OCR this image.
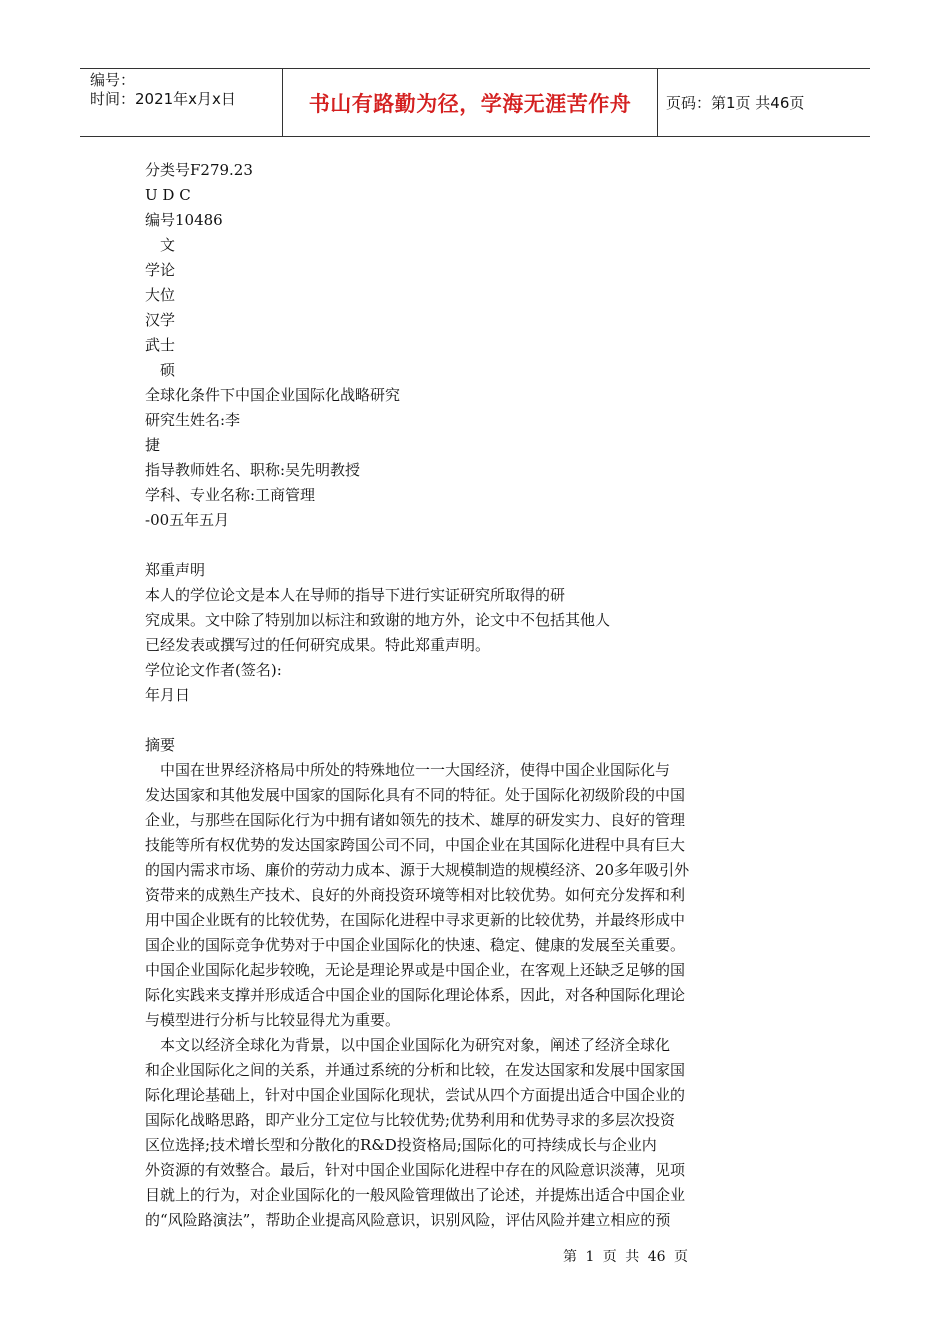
编号：
时间：2021年x月x日	书山有路勤为径，学海无涯苦作舟	页码：第1页 共46页

分类号F279.23

U D C

编号10486

　文

学论

大位

汉学

武士

　硕

全球化条件下中国企业国际化战略研究

研究生姓名:李

捷

指导教师姓名、职称:吴先明教授

学科、专业名称:工商管理

-00五年五月

郑重声明

本人的学位论文是本人在导师的指导下进行实证研究所取得的研

究成果。文中除了特别加以标注和致谢的地方外，论文中不包括其他人

已经发表或撰写过的任何研究成果。特此郑重声明。

学位论文作者(签名):

年月日

摘要

　中国在世界经济格局中所处的特殊地位一一大国经济，使得中国企业国际化与

发达国家和其他发展中国家的国际化具有不同的特征。处于国际化初级阶段的中国

企业，与那些在国际化行为中拥有诸如领先的技术、雄厚的研发实力、良好的管理

技能等所有权优势的发达国家跨国公司不同，中国企业在其国际化进程中具有巨大

的国内需求市场、廉价的劳动力成本、源于大规模制造的规模经济、20多年吸引外

资带来的成熟生产技术、良好的外商投资环境等相对比较优势。如何充分发挥和利

用中国企业既有的比较优势，在国际化进程中寻求更新的比较优势，并最终形成中

国企业的国际竞争优势对于中国企业国际化的快速、稳定、健康的发展至关重要。

中国企业国际化起步较晚，无论是理论界或是中国企业，在客观上还缺乏足够的国

际化实践来支撑并形成适合中国企业的国际化理论体系，因此，对各种国际化理论

与模型进行分析与比较显得尤为重要。

　本文以经济全球化为背景，以中国企业国际化为研究对象，阐述了经济全球化

和企业国际化之间的关系，并通过系统的分析和比较，在发达国家和发展中国家国

际化理论基础上，针对中国企业国际化现状，尝试从四个方面提出适合中国企业的

国际化战略思路，即产业分工定位与比较优势;优势利用和优势寻求的多层次投资

区位选择;技术增长型和分散化的R&D投资格局;国际化的可持续成长与企业内

外资源的有效整合。最后，针对中国企业国际化进程中存在的风险意识淡薄，见项

目就上的行为，对企业国际化的一般风险管理做出了论述，并提炼出适合中国企业

的“风险路演法”，帮助企业提高风险意识，识别风险，评估风险并建立相应的预

第 1 页 共 46 页
